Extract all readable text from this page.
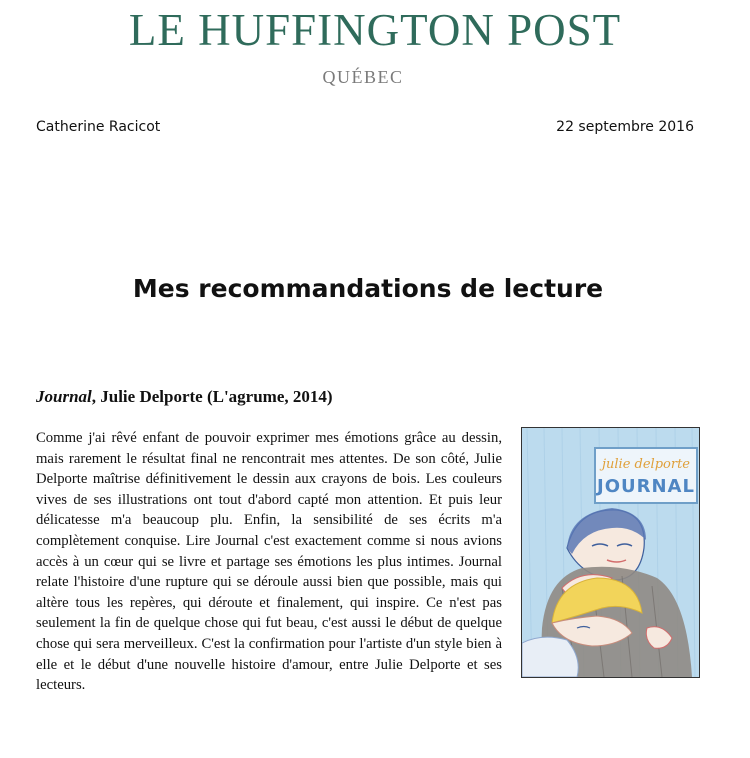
LE HUFFINGTON POST
QUÉBEC
Catherine Racicot	22 septembre 2016
Mes recommandations de lecture
Journal, Julie Delporte (L'agrume, 2014)

Comme j'ai rêvé enfant de pouvoir exprimer mes émotions grâce au dessin, mais rarement le résultat final ne rencontrait mes attentes. De son côté, Julie Delporte maîtrise définitivement le dessin aux crayons de bois. Les couleurs vives de ses illustrations ont tout d'abord capté mon attention. Et puis leur délicatesse m'a beaucoup plu. Enfin, la sensibilité de ses écrits m'a complètement conquise. Lire Journal c'est exactement comme si nous avions accès à un cœur qui se livre et partage ses émotions les plus intimes. Journal relate l'histoire d'une rupture qui se déroule aussi bien que possible, mais qui altère tous les repères, qui déroute et finalement, qui inspire. Ce n'est pas seulement la fin de quelque chose qui fut beau, c'est aussi le début de quelque chose qui sera merveilleux. C'est la confirmation pour l'artiste d'un style bien à elle et le début d'une nouvelle histoire d'amour, entre Julie Delporte et ses lecteurs.

julie delporte
JOURNAL
